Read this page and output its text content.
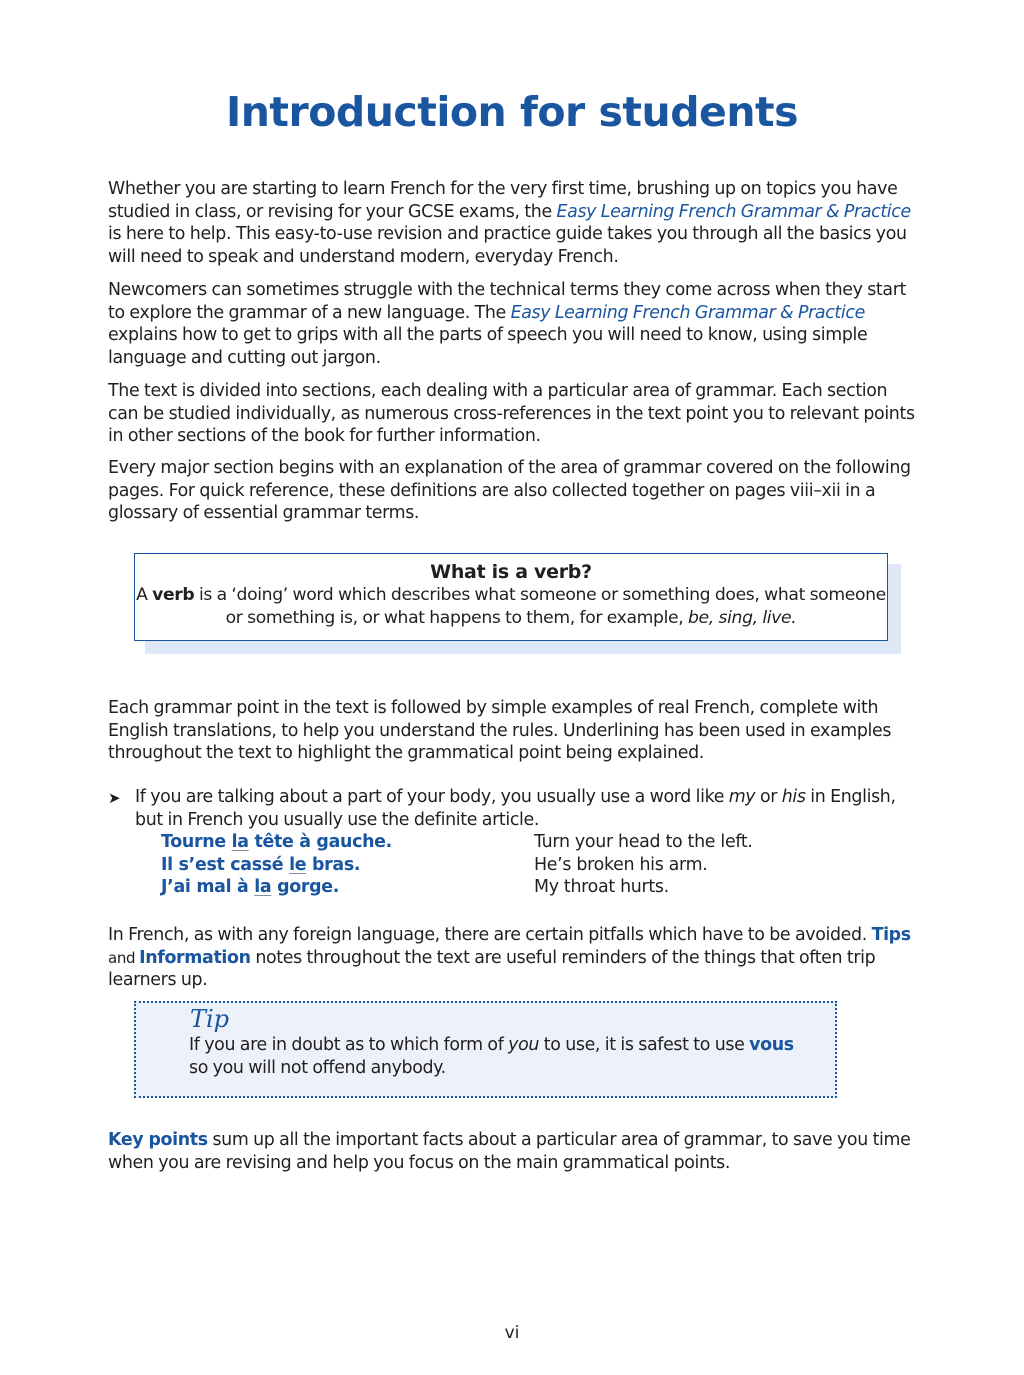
Introduction for students

Whether you are starting to learn French for the very first time, brushing up on topics you have studied in class, or revising for your GCSE exams, the Easy Learning French Grammar & Practice is here to help. This easy-to-use revision and practice guide takes you through all the basics you will need to speak and understand modern, everyday French.

Newcomers can sometimes struggle with the technical terms they come across when they start to explore the grammar of a new language. The Easy Learning French Grammar & Practice explains how to get to grips with all the parts of speech you will need to know, using simple language and cutting out jargon.

The text is divided into sections, each dealing with a particular area of grammar. Each section can be studied individually, as numerous cross-references in the text point you to relevant points in other sections of the book for further information.

Every major section begins with an explanation of the area of grammar covered on the following pages. For quick reference, these definitions are also collected together on pages viii–xii in a glossary of essential grammar terms.

What is a verb?

A verb is a ‘doing’ word which describes what someone or something does, what someone or something is, or what happens to them, for example, be, sing, live.

Each grammar point in the text is followed by simple examples of real French, complete with English translations, to help you understand the rules. Underlining has been used in examples throughout the text to highlight the grammatical point being explained.

➤ If you are talking about a part of your body, you usually use a word like my or his in English, but in French you usually use the definite article.

Tourne la tête à gauche.	Turn your head to the left.
Il s’est cassé le bras.	He’s broken his arm.
J’ai mal à la gorge.	My throat hurts.

In French, as with any foreign language, there are certain pitfalls which have to be avoided. Tips and Information notes throughout the text are useful reminders of the things that often trip learners up.

Tip

If you are in doubt as to which form of you to use, it is safest to use vous so you will not offend anybody.

Key points sum up all the important facts about a particular area of grammar, to save you time when you are revising and help you focus on the main grammatical points.

vi
